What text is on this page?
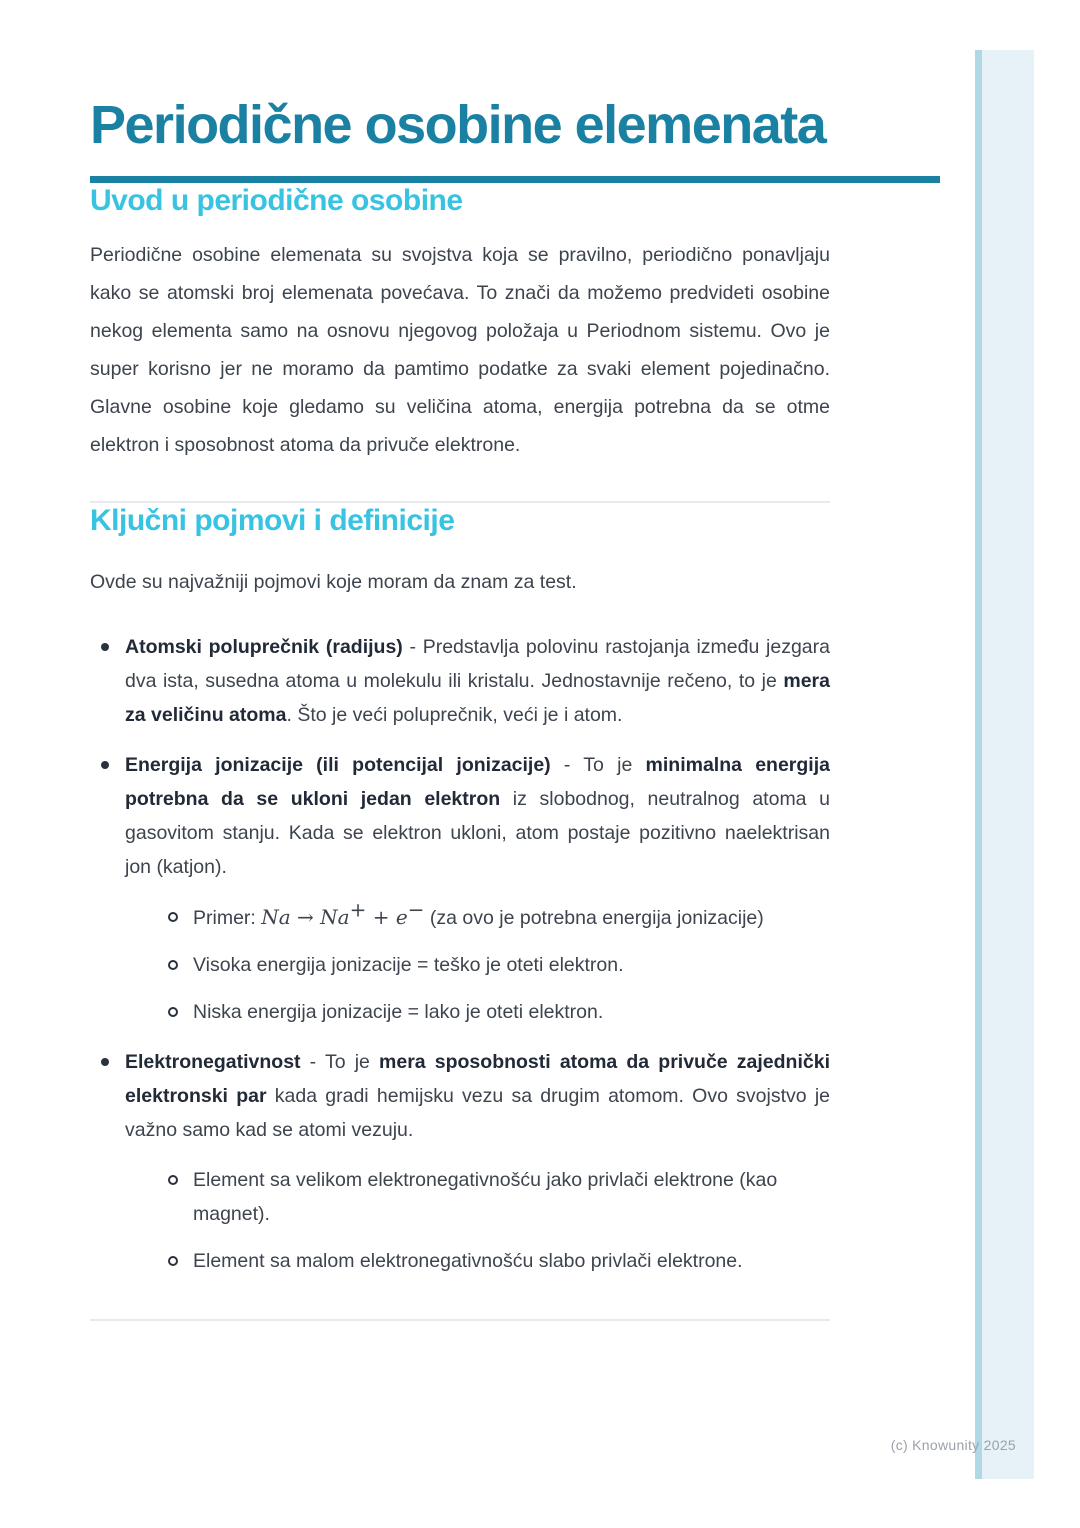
Periodične osobine elemenata
Uvod u periodične osobine

Periodične osobine elemenata su svojstva koja se pravilno, periodično ponavljaju kako se atomski broj elemenata povećava. To znači da možemo predvideti osobine nekog elementa samo na osnovu njegovog položaja u Periodnom sistemu. Ovo je super korisno jer ne moramo da pamtimo podatke za svaki element pojedinačno. Glavne osobine koje gledamo su veličina atoma, energija potrebna da se otme elektron i sposobnost atoma da privuče elektrone.

Ključni pojmovi i definicije

Ovde su najvažniji pojmovi koje moram da znam za test.

Atomski poluprečnik (radijus) - Predstavlja polovinu rastojanja između jezgara dva ista, susedna atoma u molekulu ili kristalu. Jednostavnije rečeno, to je mera za veličinu atoma. Što je veći poluprečnik, veći je i atom.
Energija jonizacije (ili potencijal jonizacije) - To je minimalna energija potrebna da se ukloni jedan elektron iz slobodnog, neutralnog atoma u gasovitom stanju. Kada se elektron ukloni, atom postaje pozitivno naelektrisan jon (katjon).
Primer: Na → Na+ + e− (za ovo je potrebna energija jonizacije)
Visoka energija jonizacije = teško je oteti elektron.
Niska energija jonizacije = lako je oteti elektron.
Elektronegativnost - To je mera sposobnosti atoma da privuče zajednički elektronski par kada gradi hemijsku vezu sa drugim atomom. Ovo svojstvo je važno samo kad se atomi vezuju.
Element sa velikom elektronegativnošću jako privlači elektrone (kao magnet).
Element sa malom elektronegativnošću slabo privlači elektrone.
(c) Knowunity 2025
